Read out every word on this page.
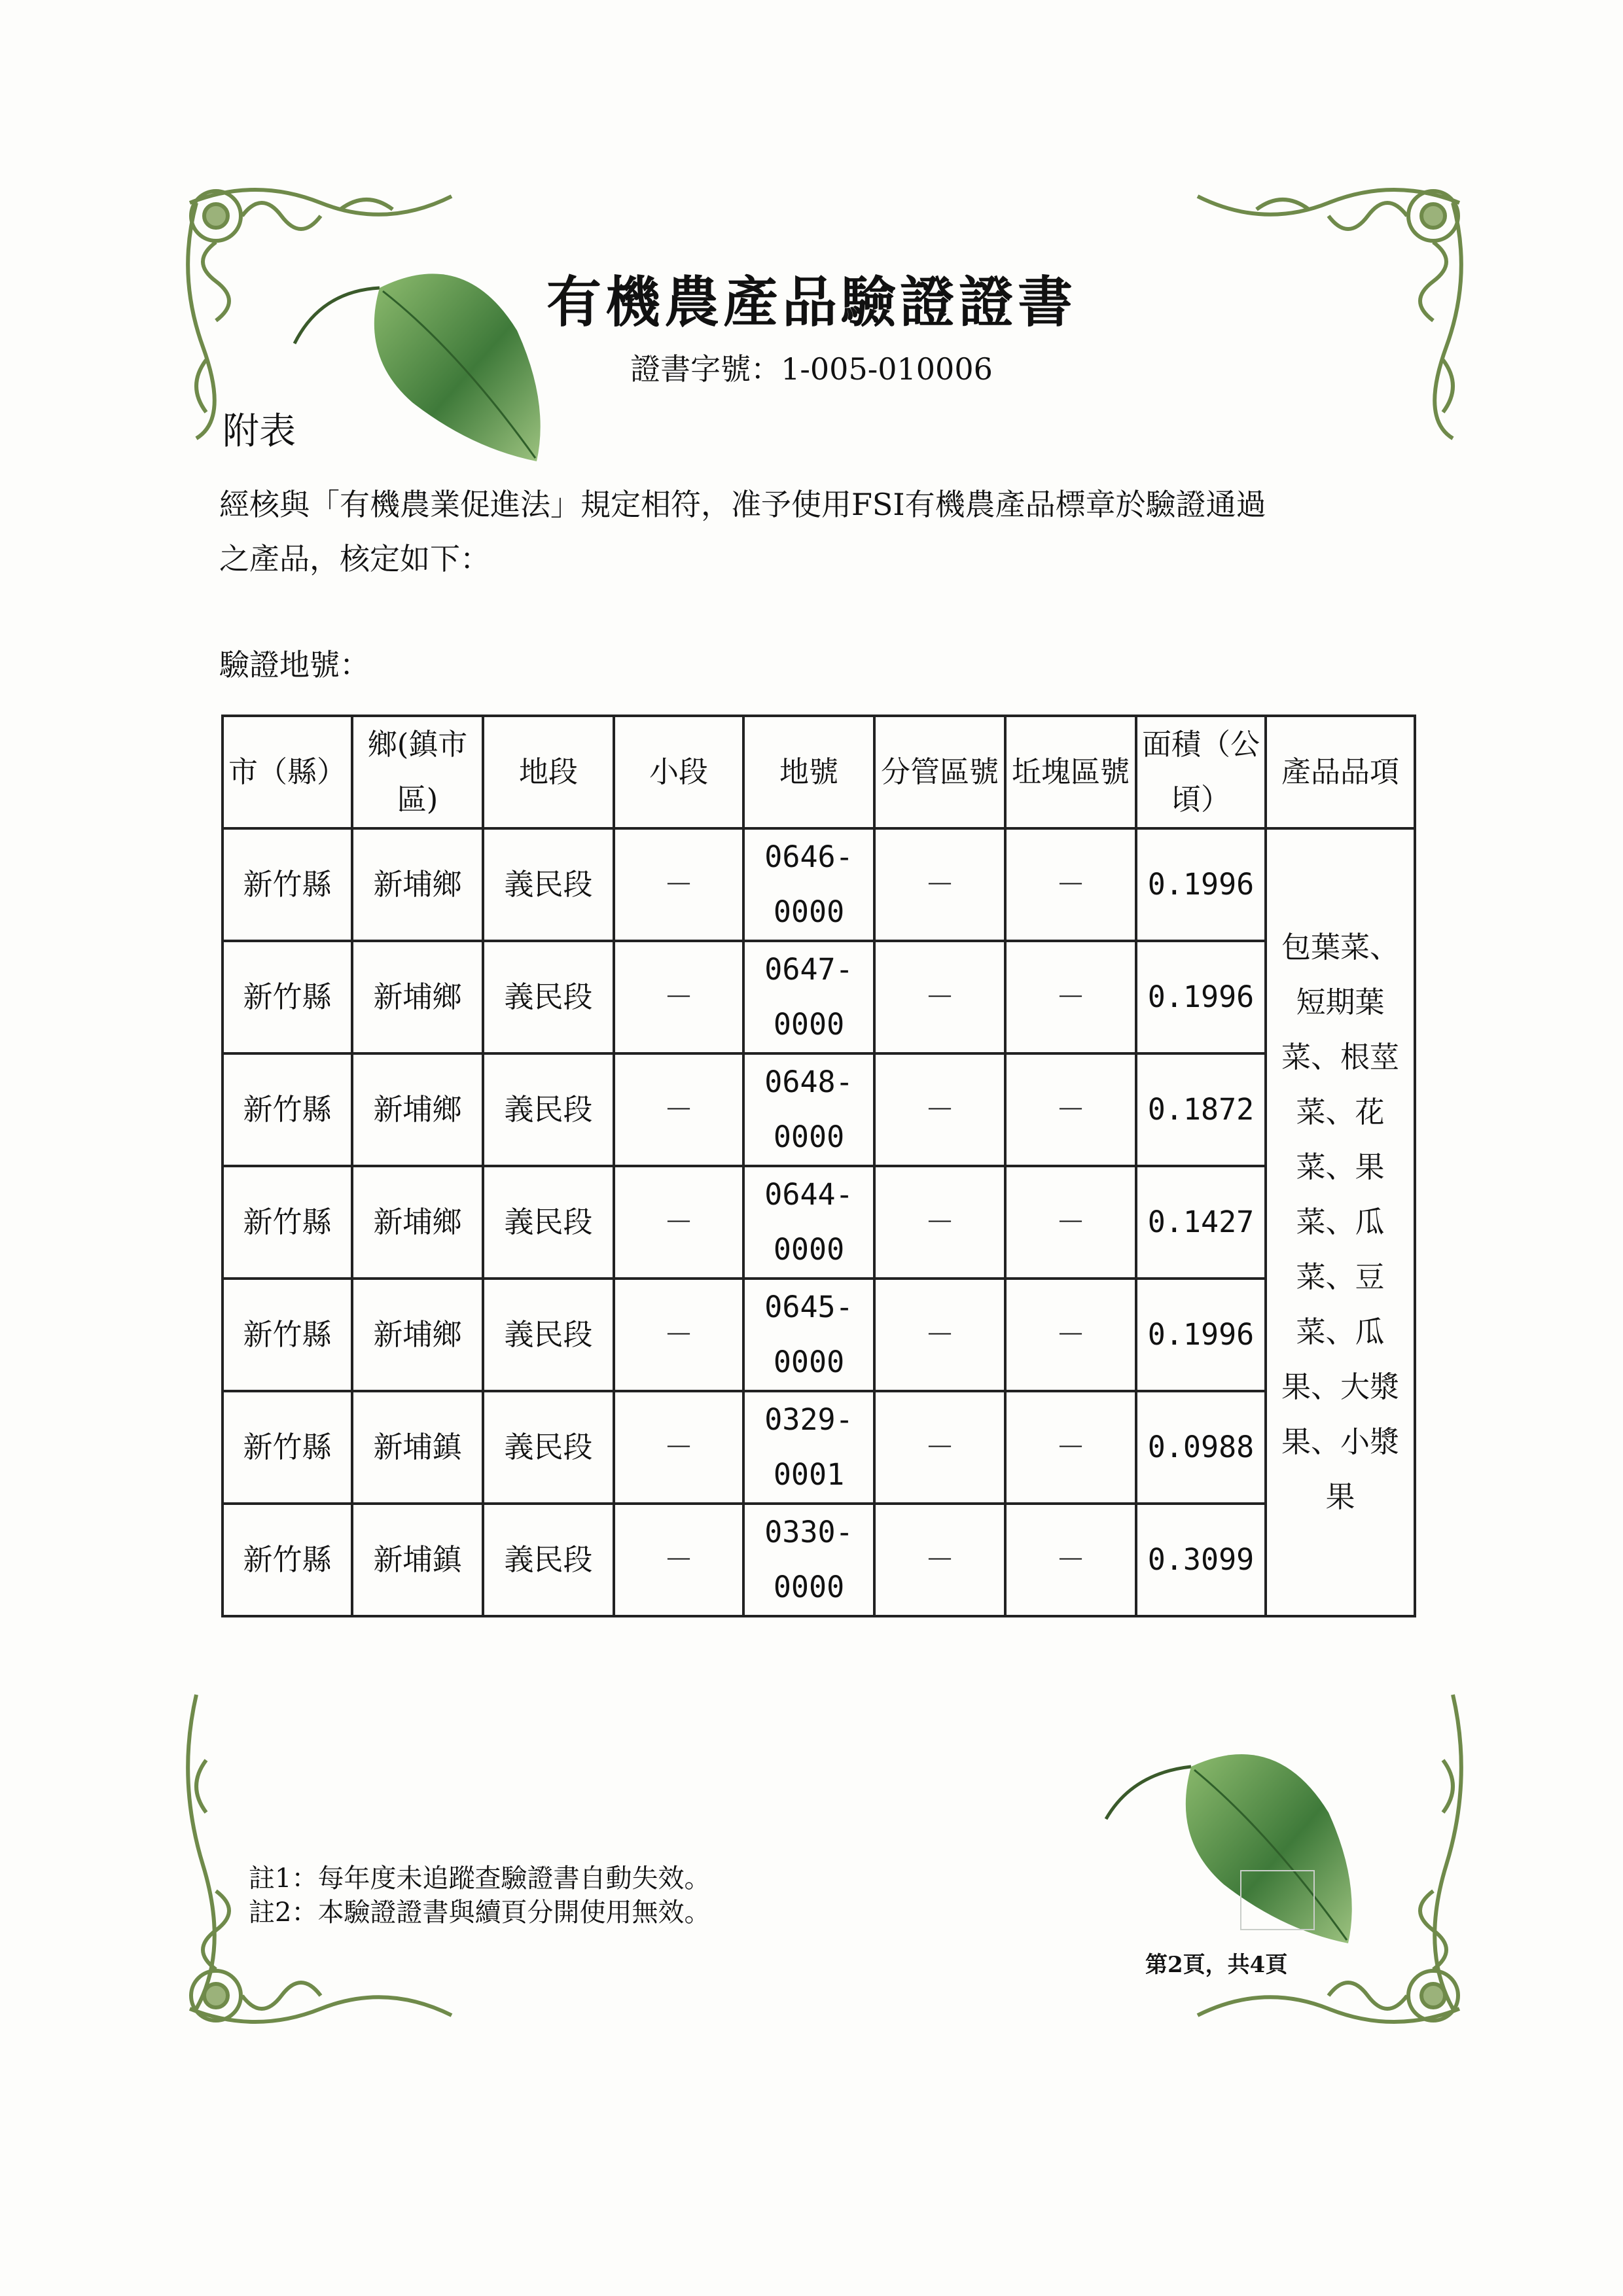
有機農產品驗證證書
證書字號：1-005-010006
附表
經核與「有機農業促進法」規定相符，准予使用FSI有機農產品標章於驗證通過
之產品，核定如下：
驗證地號：
市（縣）	鄉(鎮市區)	地段	小段	地號	分管區號	坵塊區號	面積（公頃）	產品品項
新竹縣	新埔鄉	義民段	－	0646-0000	－	－	0.1996	包葉菜、短期葉菜、根莖菜、花菜、果菜、瓜菜、豆菜、瓜果、大漿果、小漿果
新竹縣	新埔鄉	義民段	－	0647-0000	－	－	0.1996	
新竹縣	新埔鄉	義民段	－	0648-0000	－	－	0.1872	
新竹縣	新埔鄉	義民段	－	0644-0000	－	－	0.1427	
新竹縣	新埔鄉	義民段	－	0645-0000	－	－	0.1996	
新竹縣	新埔鎮	義民段	－	0329-0001	－	－	0.0988	
新竹縣	新埔鎮	義民段	－	0330-0000	－	－	0.3099	
註1：每年度未追蹤查驗證書自動失效。
註2：本驗證證書與續頁分開使用無效。
第2頁，共4頁
